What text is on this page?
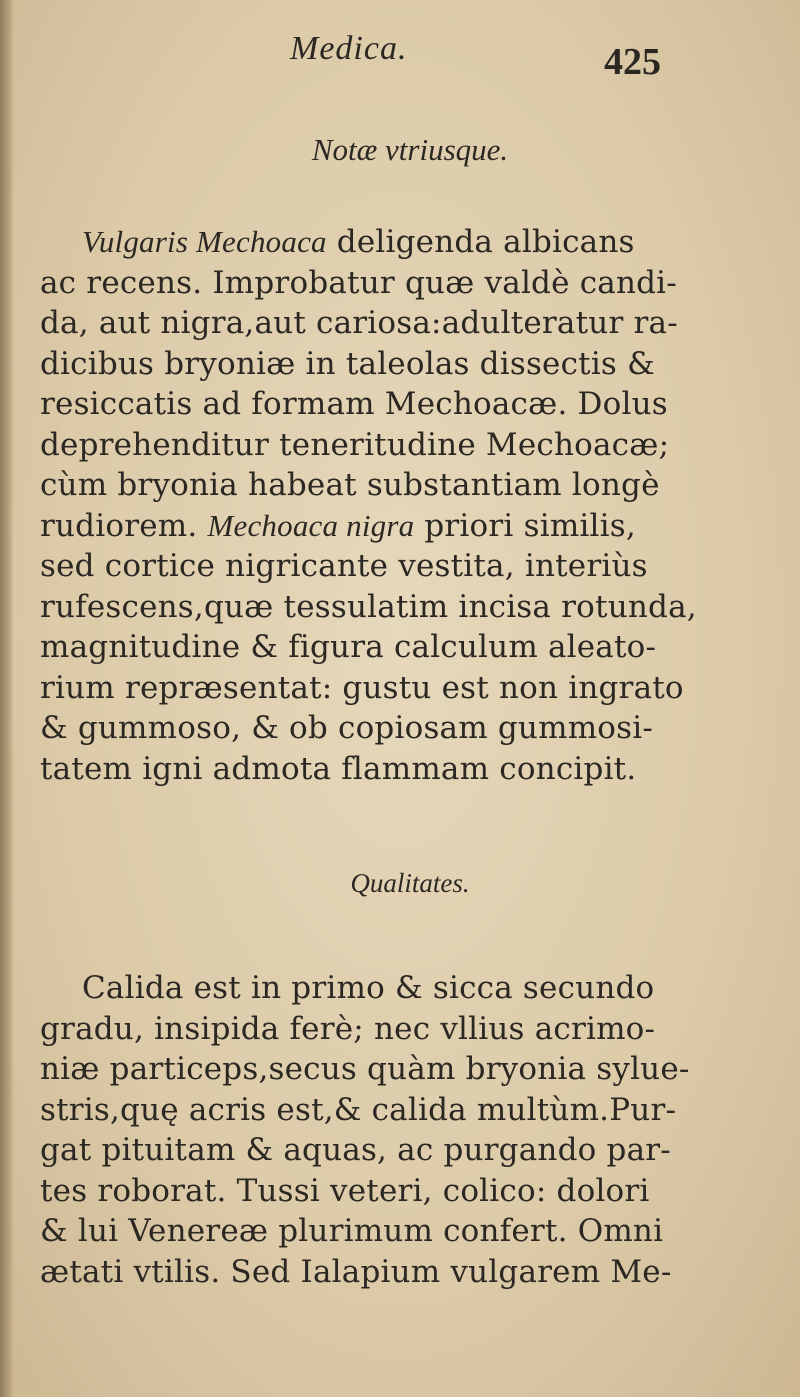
Medica.	425
Notæ vtriusque.
Vulgaris Mechoaca deligenda albicans
ac recens. Improbatur quæ valdè candi-
da, aut nigra,aut cariosa:adulteratur ra-
dicibus bryoniæ in taleolas dissectis &
resiccatis ad formam Mechoacæ. Dolus
deprehenditur teneritudine Mechoacæ;
cùm bryonia habeat substantiam longè
rudiorem. Mechoaca nigra priori similis,
sed cortice nigricante vestita, interiùs
rufescens,quæ tessulatim incisa rotunda,
magnitudine & figura calculum aleato-
rium repræsentat: gustu est non ingrato
& gummoso, & ob copiosam gummosi-
tatem igni admota flammam concipit.
Qualitates.
Calida est in primo & sicca secundo
gradu, insipida ferè; nec vllius acrimo-
niæ particeps,secus quàm bryonia sylue-
stris,quę acris est,& calida multùm.Pur-
gat pituitam & aquas, ac purgando par-
tes roborat. Tussi veteri, colico: dolori
& lui Venereæ plurimum confert. Omni
ætati vtilis. Sed Ialapium vulgarem Me-
